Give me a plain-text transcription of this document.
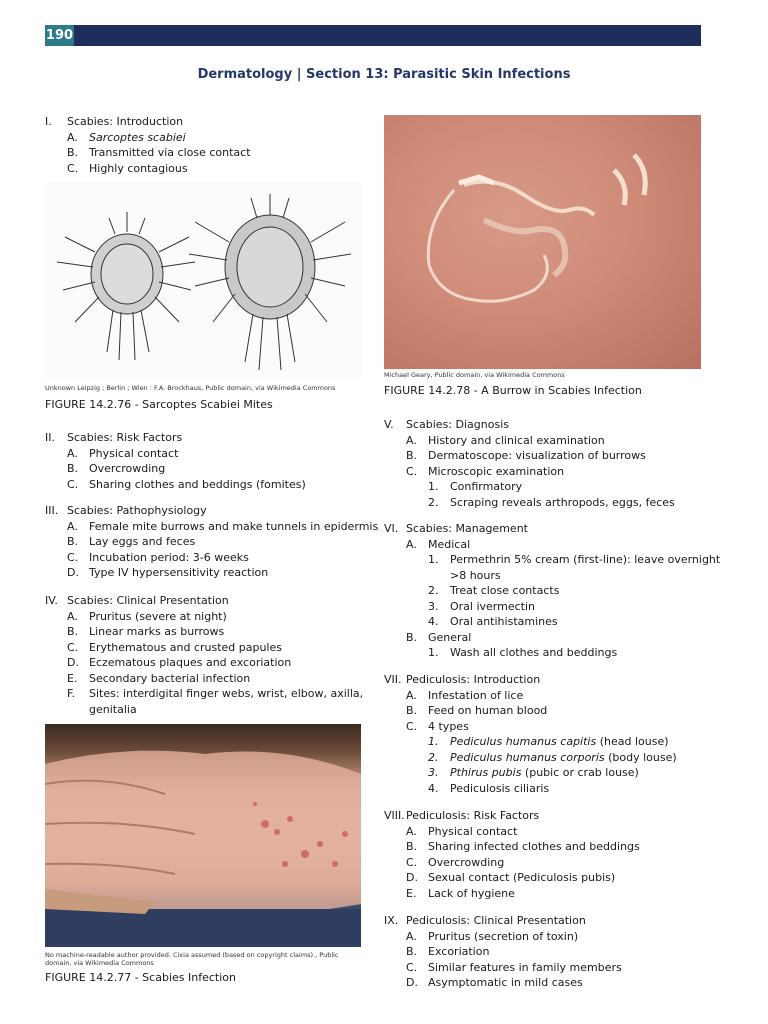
190
Dermatology | Section 13: Parasitic Skin Infections
I.	Scabies: Introduction
A.	Sarcoptes scabiei
B. Transmitted via close contact
C. Highly contagious
Unknown Leipzig ; Berlin ; Wien : F.A. Brockhaus, Public domain, via Wikimedia Commons
FIGURE 14.2.76 - Sarcoptes Scabiei Mites
II.	Scabies: Risk Factors
A.	Physical contact
B. Overcrowding
C. Sharing clothes and beddings (fomites)
III. Scabies: Pathophysiology
A.	Female mite burrows and make tunnels in epidermis
B. Lay eggs and feces
C. Incubation period: 3-6 weeks
D. Type IV hypersensitivity reaction
IV. Scabies: Clinical Presentation
A.	Pruritus (severe at night)
B. Linear marks as burrows
C. Erythematous and crusted papules
D. Eczematous plaques and excoriation
E.	Secondary bacterial infection
F.	Sites: interdigital finger webs, wrist, elbow, axilla,
genitalia
No machine-readable author provided. Cixia assumed (based on copyright claims)., Public domain, via Wikimedia Commons
FIGURE 14.2.77 - Scabies Infection
Michael Geary, Public domain, via Wikimedia Commons
FIGURE 14.2.78 - A Burrow in Scabies Infection
V.	Scabies: Diagnosis
A.	History and clinical examination
B. Dermatoscope: visualization of burrows
C. Microscopic examination
1.	Confirmatory
2.	Scraping reveals arthropods, eggs, feces
VI. Scabies: Management
A.	Medical
1.	Permethrin 5% cream (first-line): leave overnight
>8 hours
2.	Treat close contacts
3.	Oral ivermectin
4.	Oral antihistamines
B. General
1.	Wash all clothes and beddings
VII. Pediculosis: Introduction
A.	Infestation of lice
B. Feed on human blood
C. 4 types
1.	Pediculus humanus capitis (head louse)
2.	Pediculus humanus corporis (body louse)
3.	Pthirus pubis (pubic or crab louse)
4.	Pediculosis ciliaris
VIII. Pediculosis: Risk Factors
A.	Physical contact
B. Sharing infected clothes and beddings
C. Overcrowding
D. Sexual contact (Pediculosis pubis)
E.	Lack of hygiene
IX. Pediculosis: Clinical Presentation
A.	Pruritus (secretion of toxin)
B. Excoriation
C. Similar features in family members
D. Asymptomatic in mild cases
